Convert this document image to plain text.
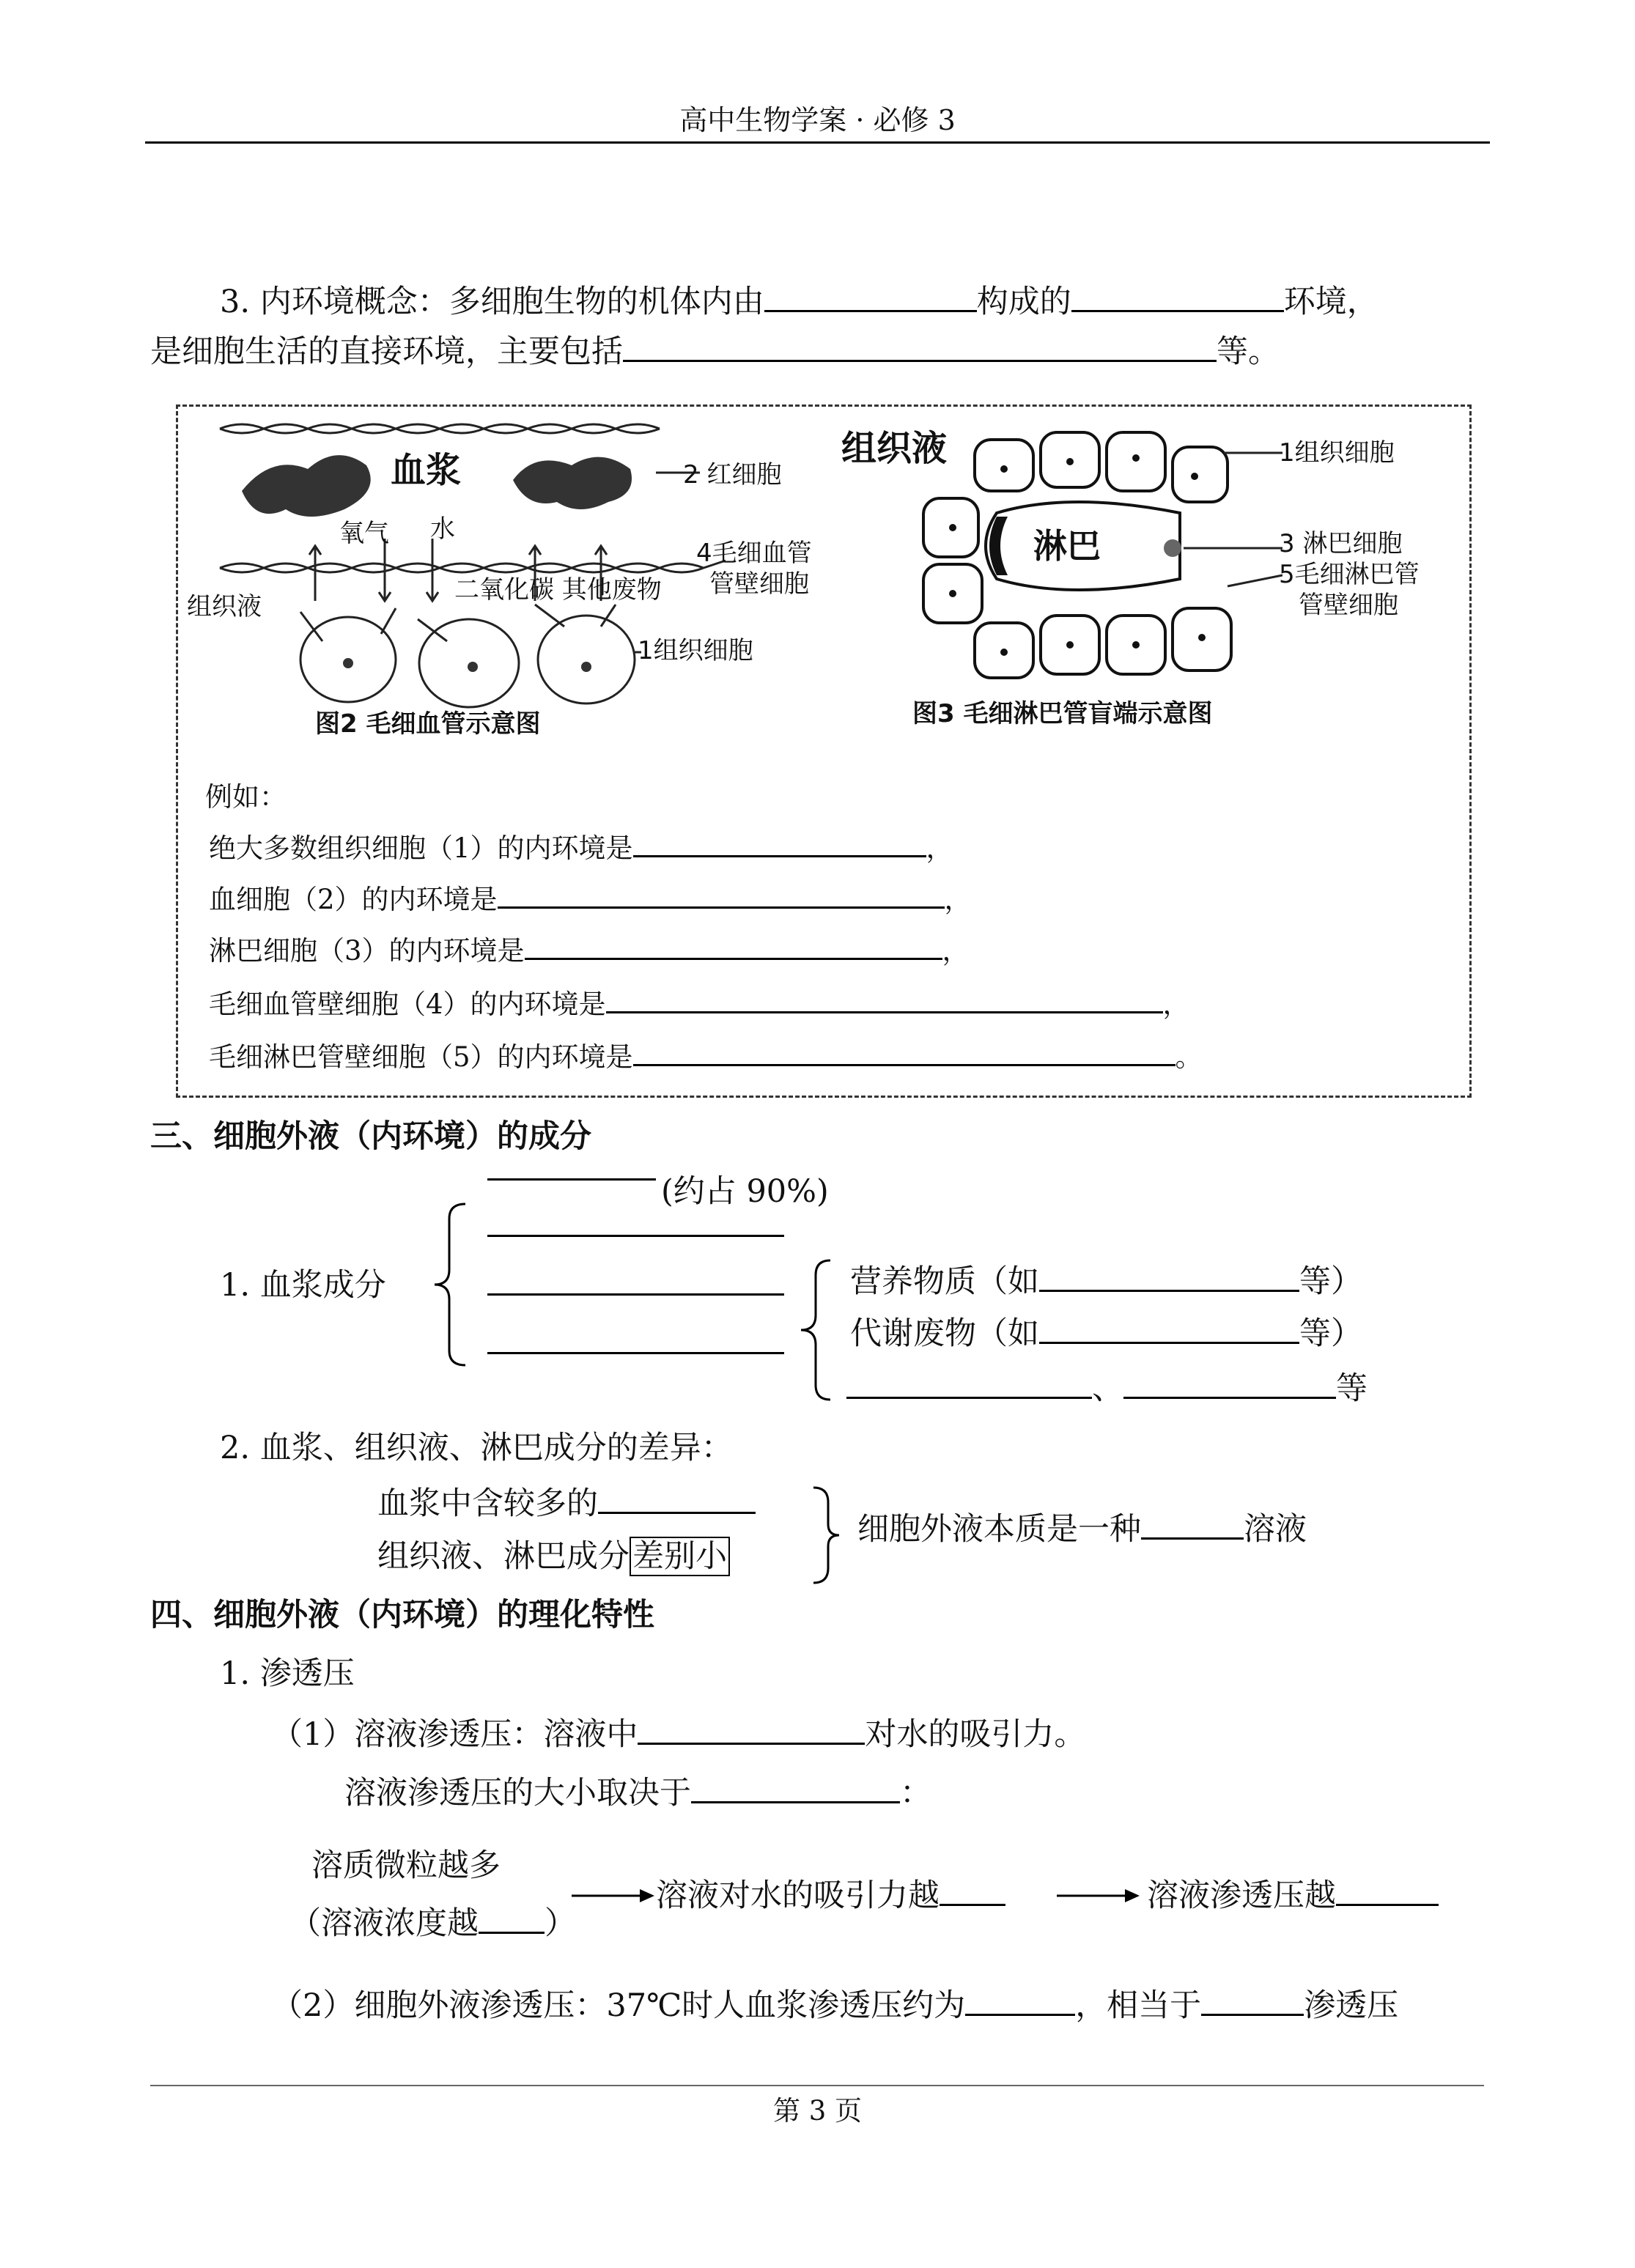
高中生物学案 · 必修 3
3. 内环境概念：多细胞生物的机体内由	构成的	环境，
是细胞生活的直接环境，主要包括	等。
血浆	2 红细胞
氧气 水
4毛细血管
管壁细胞
组织液
二氧化碳 其他废物
1组织细胞
图2 毛细血管示意图
组织液	1组织细胞
淋巴	3 淋巴细胞
5毛细淋巴管
管壁细胞
图3 毛细淋巴管盲端示意图
例如：
绝大多数组织细胞（1）的内环境是	，
血细胞（2）的内环境是	，
淋巴细胞（3）的内环境是	，
毛细血管壁细胞（4）的内环境是	，
毛细淋巴管壁细胞（5）的内环境是	。
三、细胞外液（内环境）的成分
(约占 90%)
1. 血浆成分	营养物质（如	等）
代谢废物（如	等）
、	等
2. 血浆、组织液、淋巴成分的差异：
血浆中含较多的
组织液、淋巴成分差别小
细胞外液本质是一种	溶液
四、细胞外液（内环境）的理化特性
1. 渗透压
（1）溶液渗透压：溶液中	对水的吸引力。
溶液渗透压的大小取决于	：
溶质微粒越多
（溶液浓度越 ）
溶液对水的吸引力越	溶液渗透压越
（2）细胞外液渗透压：37℃时人血浆渗透压约为	，相当于	渗透压
第 3 页
